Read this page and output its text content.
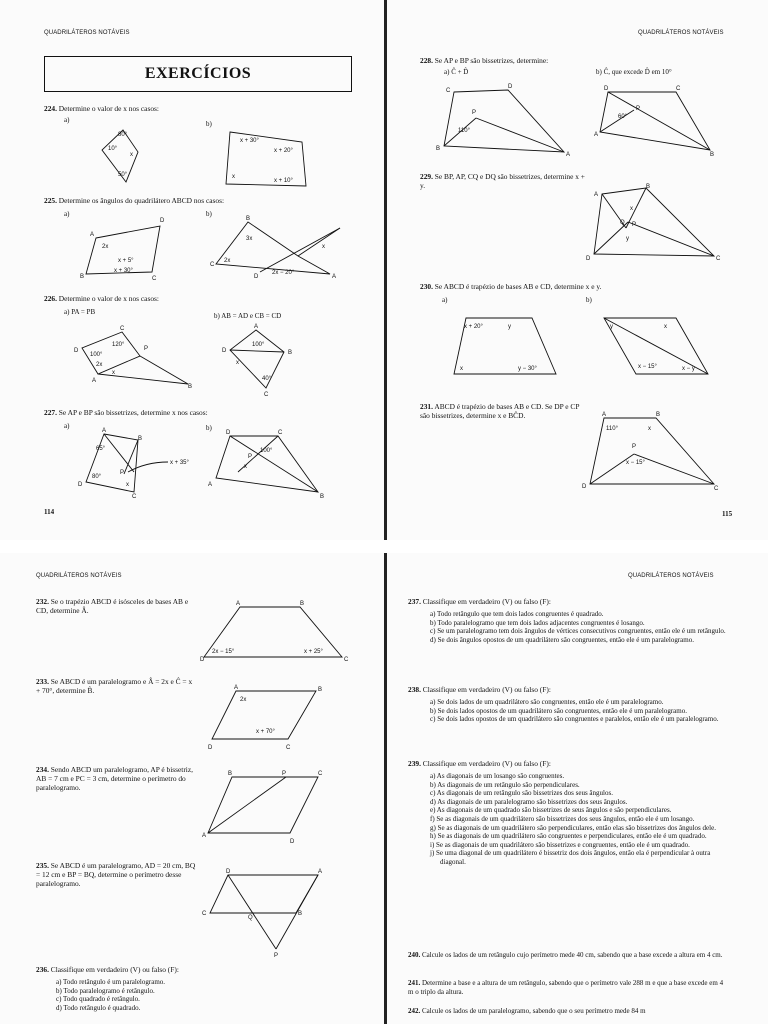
QUADRILÁTEROS NOTÁVEIS
EXERCÍCIOS
224. Determine o valor de x nos casos:
a)	b)
80°
10°
x
50°
x + 30°
x + 20°
x
x + 10°
225. Determine os ângulos do quadrilátero ABCD nos casos:
a)	b)
A
D
C
B
2x
x + 5°
x + 30°
B
C
D	A
3x
2x
2x − 20°
x
226. Determine o valor de x nos casos:
a) PA = PB	b) AB = AD e CB = CD
C
D	P
A
B
120°
100°
2x
x
A
B
C
D
100°
x
40°
227. Se AP e BP são bissetrizes, determine x nos casos:
a)	b)
A
B
C
D
P
65°
80°
x + 35°
x
D	C
A
B
P
100°
x
114
QUADRILÁTEROS NOTÁVEIS
228. Se AP e BP são bissetrizes, determine:
a) Ĉ + D̂	b) Ĉ, que excede D̂ em 10°
C
D
B
A
P
110°
D	C
A
B
P
60°
229. Se BP, AP, CQ e DQ são bissetrizes, determine x + y.
A
B
C
D
P
Q
x
y
230. Se ABCD é trapézio de bases AB e CD, determine x e y.
a)	b)
x + 20°	y
x	y − 30°
y	x
x − 15°	x − y
231. ABCD é trapézio de bases AB e CD. Se DP e CP são bissetrizes, determine x e BĈD.	A	B
C
D
P
110°	x
x − 15°
115
QUADRILÁTEROS NOTÁVEIS
232. Se o trapézio ABCD é isósceles de bases AB e CD, determine Â.
A	B
C
D
2x − 15°	x + 25°
233. Se ABCD é um paralelogramo e Â = 2x e Ĉ = x + 70°, determine B̂.	A	B
C
D
2x
x + 70°
234. Sendo ABCD um paralelogramo, AP é bissetriz, AB = 7 cm e PC = 3 cm, determine o perímetro do paralelogramo.
B	P	C
A
D
235. Se ABCD é um paralelogramo, AD = 20 cm, BQ = 12 cm e BP = BQ, determine o perímetro desse paralelogramo.
D	A
C	B
Q
P
236. Classifique em verdadeiro (V) ou falso (F):
a) Todo retângulo é um paralelogramo.
b) Todo paralelogramo é retângulo.
c) Todo quadrado é retângulo.
d) Todo retângulo é quadrado.
QUADRILÁTEROS NOTÁVEIS
237. Classifique em verdadeiro (V) ou falso (F):
a) Todo retângulo que tem dois lados congruentes é quadrado.
b) Todo paralelogramo que tem dois lados adjacentes congruentes é losango.
c) Se um paralelogramo tem dois ângulos de vértices consecutivos congruentes, então ele é um retângulo.
d) Se dois ângulos opostos de um quadrilátero são congruentes, então ele é um paralelogramo.
238. Classifique em verdadeiro (V) ou falso (F):
a) Se dois lados de um quadrilátero são congruentes, então ele é um paralelogramo.
b) Se dois lados opostos de um quadrilátero são congruentes, então ele é um paralelogramo.
c) Se dois lados opostos de um quadrilátero são congruentes e paralelos, então ele é um paralelogramo.
239. Classifique em verdadeiro (V) ou falso (F):
a) As diagonais de um losango são congruentes.
b) As diagonais de um retângulo são perpendiculares.
c) As diagonais de um retângulo são bissetrizes dos seus ângulos.
d) As diagonais de um paralelogramo são bissetrizes dos seus ângulos.
e) As diagonais de um quadrado são bissetrizes de seus ângulos e são perpendiculares.
f) Se as diagonais de um quadrilátero são bissetrizes dos seus ângulos, então ele é um losango.
g) Se as diagonais de um quadrilátero são perpendiculares, então elas são bissetrizes dos ângulos dele.
h) Se as diagonais de um quadrilátero são congruentes e perpendiculares, então ele é um quadrado.
i) Se as diagonais de um quadrilátero são bissetrizes e congruentes, então ele é um quadrado.
j) Se uma diagonal de um quadrilátero é bissetriz dos dois ângulos, então ela é perpendicular à outra diagonal.
240. Calcule os lados de um retângulo cujo perímetro mede 40 cm, sabendo que a base excede a altura em 4 cm.
241. Determine a base e a altura de um retângulo, sabendo que o perímetro vale 288 m e que a base excede em 4 m o triplo da altura.
242. Calcule os lados de um paralelogramo, sabendo que o seu perímetro mede 84 m
